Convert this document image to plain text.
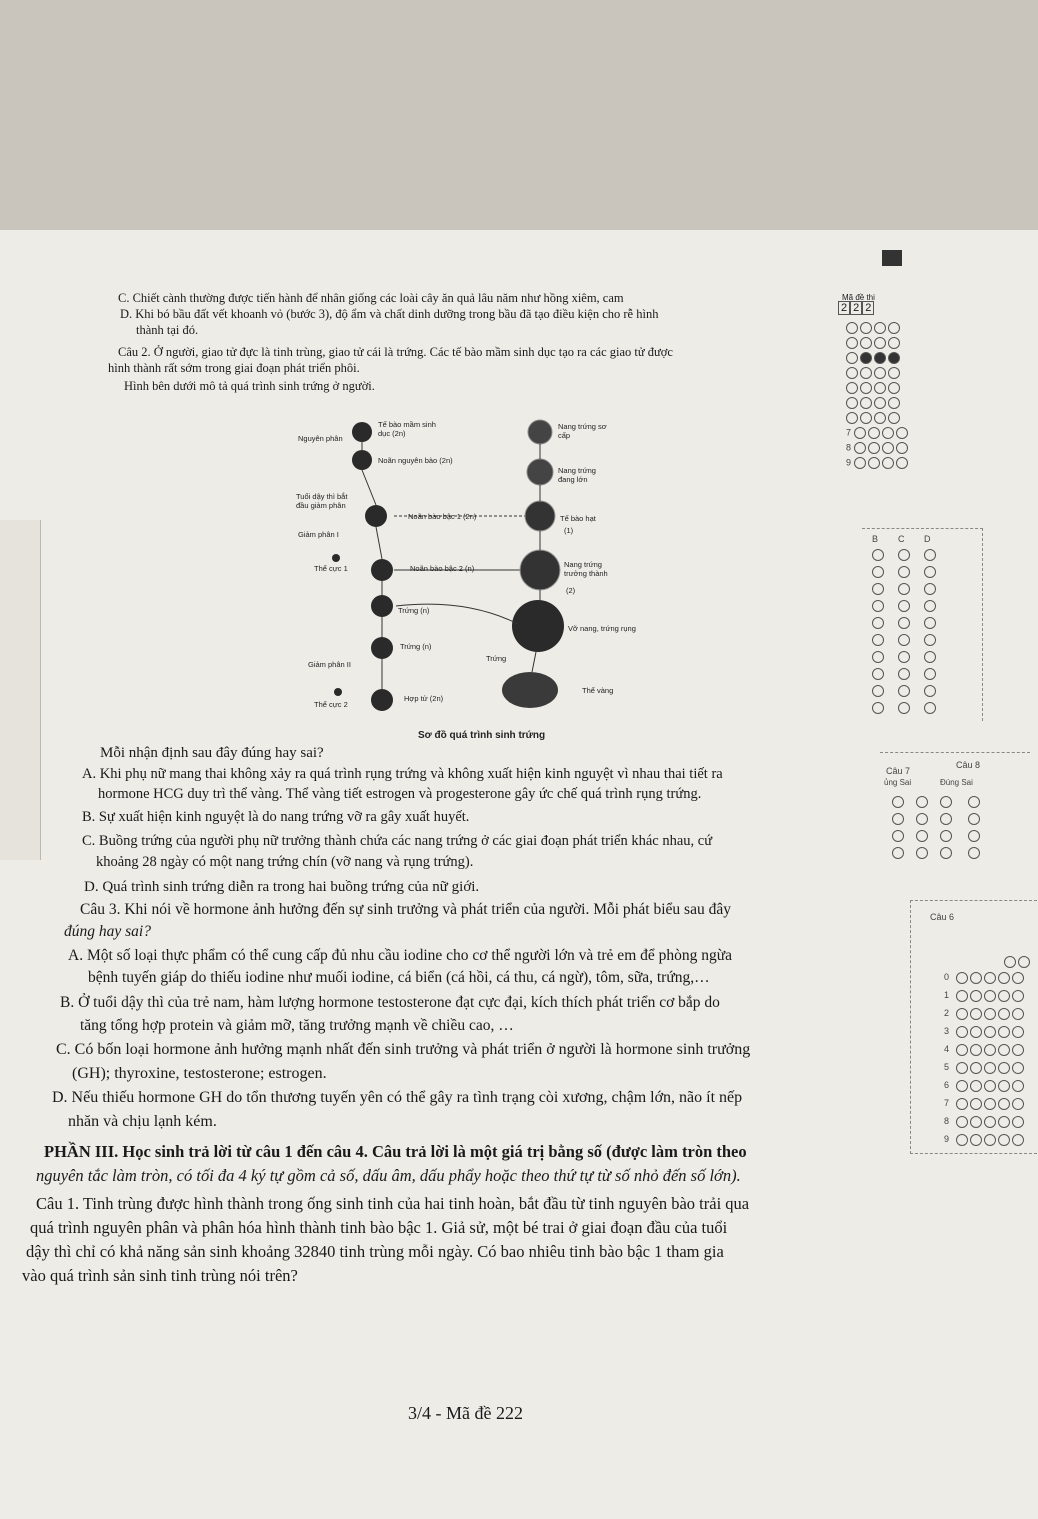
Mã đề thi
2 2 2
C. Chiết cành thường được tiến hành để nhân giống các loài cây ăn quả lâu năm như hồng xiêm, cam
D. Khi bó bầu đất vết khoanh vỏ (bước 3), độ ẩm và chất dinh dưỡng trong bầu đã tạo điều kiện cho rễ hình
thành tại đó.
Câu 2. Ở người, giao tử đực là tinh trùng, giao tử cái là trứng. Các tế bào mầm sinh dục tạo ra các giao tử được
hình thành rất sớm trong giai đoạn phát triển phôi.
Hình bên dưới mô tả quá trình sinh trứng ở người.
Nguyên phân
Tế bào mầm sinh dục (2n)
Noãn nguyên bào (2n)
Tuổi dậy thì bắt đầu giảm phân
Noãn bào bậc 1 (2n)
Giảm phân I
Thể cực 1	Noãn bào bậc 2 (n)
Trứng (n)
Trứng (n)
Giảm phân II
Thể cực 2
Hợp tử (2n)
Nang trứng sơ cấp
Nang trứng đang lớn
Tế bào hạt
(1)
Nang trứng trưởng thành
(2)
Vỡ nang, trứng rụng
Trứng
Thể vàng
Sơ đồ quá trình sinh trứng
Mỗi nhận định sau đây đúng hay sai?
A. Khi phụ nữ mang thai không xảy ra quá trình rụng trứng và không xuất hiện kinh nguyệt vì nhau thai tiết ra
hormone HCG duy trì thể vàng. Thể vàng tiết estrogen và progesterone gây ức chế quá trình rụng trứng.
B. Sự xuất hiện kinh nguyệt là do nang trứng vỡ ra gây xuất huyết.
C. Buồng trứng của người phụ nữ trưởng thành chứa các nang trứng ở các giai đoạn phát triển khác nhau, cứ
khoảng 28 ngày có một nang trứng chín (vỡ nang và rụng trứng).
D. Quá trình sinh trứng diễn ra trong hai buồng trứng của nữ giới.
Câu 3. Khi nói về hormone ảnh hưởng đến sự sinh trưởng và phát triển của người. Mỗi phát biểu sau đây
đúng hay sai?
A. Một số loại thực phẩm có thể cung cấp đủ nhu cầu iodine cho cơ thể người lớn và trẻ em để phòng ngừa
bệnh tuyến giáp do thiếu iodine như muối iodine, cá biển (cá hồi, cá thu, cá ngừ), tôm, sữa, trứng,…
B. Ở tuổi dậy thì của trẻ nam, hàm lượng hormone testosterone đạt cực đại, kích thích phát triển cơ bắp do
tăng tổng hợp protein và giảm mỡ, tăng trưởng mạnh về chiều cao, …
C. Có bốn loại hormone ảnh hưởng mạnh nhất đến sinh trưởng và phát triển ở người là hormone sinh trưởng
(GH); thyroxine, testosterone; estrogen.
D. Nếu thiếu hormone GH do tổn thương tuyến yên có thể gây ra tình trạng còi xương, chậm lớn, não ít nếp
nhăn và chịu lạnh kém.
PHẦN III. Học sinh trả lời từ câu 1 đến câu 4. Câu trả lời là một giá trị bằng số (được làm tròn theo
nguyên tắc làm tròn, có tối đa 4 ký tự gồm cả số, dấu âm, dấu phẩy hoặc theo thứ tự từ số nhỏ đến số lớn).
Câu 1. Tinh trùng được hình thành trong ống sinh tinh của hai tinh hoàn, bắt đầu từ tinh nguyên bào trải qua
quá trình nguyên phân và phân hóa hình thành tinh bào bậc 1. Giả sử, một bé trai ở giai đoạn đầu của tuổi
dậy thì chỉ có khả năng sản sinh khoảng 32840 tinh trùng mỗi ngày. Có bao nhiêu tinh bào bậc 1 tham gia
vào quá trình sản sinh tinh trùng nói trên?
3/4 - Mã đề 222
7
8
9
B C D
Câu 7
Câu 8
ủng Sai	Đúng Sai
Câu 6
0
1
2
3
4
5
6
7
8
9
